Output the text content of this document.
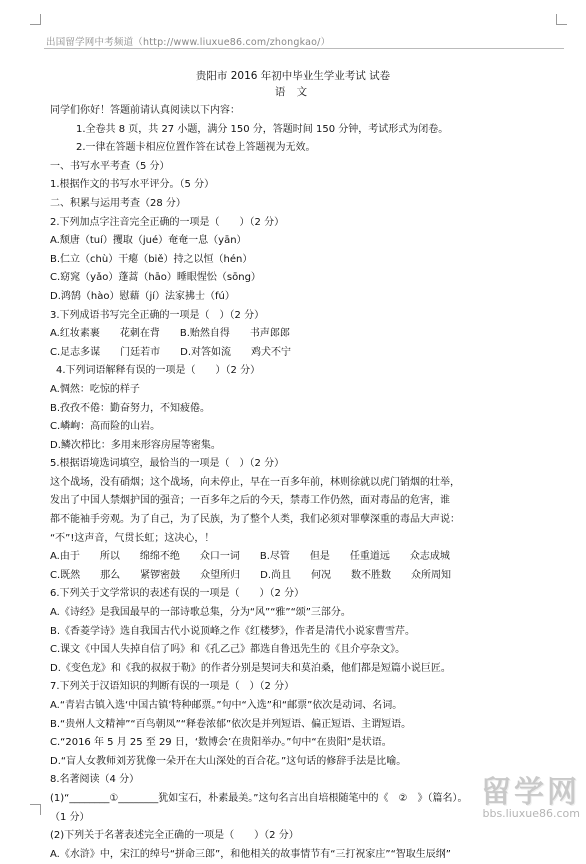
出国留学网中考频道（http://www.liuxue86.com/zhongkao/）
贵阳市 2016 年初中毕业生学业考试 试卷
语 文
同学们你好！答题前请认真阅读以下内容：
1.全卷共 8 页，共 27 小题，满分 150 分，答题时间 150 分钟，考试形式为闭卷。
2.一律在答题卡相应位置作答在试卷上答题视为无效。
一、书写水平考查（5 分）
1.根据作文的书写水平评分。（5 分）
二、积累与运用考查（28 分）
2.下列加点字注音完全正确的一项是（　　）（2 分）
A.颓唐（tuí）攫取（jué）奄奄一息（yān）
B.仁立（chù）干瘪（biě）持之以恒（hén）
C.窈窕（yǎo）蓬蒿（hāo）睡眼惺忪（sōng）
D.鸿鹄（hào）慰藉（jí）法家拂士（fú）
3.下列成语书写完全正确的一项是（　）（2 分）
A.红妆素裹　　花刺在背　　B.贻然自得　　书声郎郎
C.足志多谋　　门廷若市　　D.对答如流　　鸡犬不宁
4.下列词语解释有误的一项是（　　）（2 分）
A.惆然：吃惊的样子
B.孜孜不倦：勤奋努力，不知疲倦。
C.嶙峋：高而险的山岩。
D.鳞次栉比：多用来形容房屋等密集。
5.根据语境选词填空，最恰当的一项是（　）（2 分）
这个战场，没有硝烟；这个战场，向未停止，早在一百多年前，林则徐就以虎门销烟的壮举，
发出了中国人禁烟护国的强音；一百多年之后的今天，禁毒工作仍然，面对毒品的危害，谁
都不能袖手旁观。为了自己，为了民族，为了整个人类，我们必须对罪孽深重的毒品大声说：
“不”!这声音，气贯长虹；这决心，！
A.由于　　所以　　绵绵不绝　　众口一词　　B.尽管　　但是　　任重道远　　众志成城
C.既然　　那么　　紧锣密鼓　　众望所归　　D.尚且　　何况　　数不胜数　　众所周知
6.下列关于文学常识的表述有误的一项是（　　）（2 分）
A.《诗经》是我国最早的一部诗歌总集，分为“风”“雅”“颂”三部分。
B.《香菱学诗》选自我国古代小说顶峰之作《红楼梦》，作者是清代小说家曹雪芹。
C.课文《中国人失掉自信了吗》和《孔乙己》都选自鲁迅先生的《且介亭杂文》。
D.《变色龙》和《我的叔叔于勒》的作者分别是契诃夫和莫泊桑，他们都是短篇小说巨匠。
7.下列关于汉语知识的判断有误的一项是（　）（2 分）
A.“青岩古镇入选‘中国古镇’特种邮票。”句中“入选”和“邮票”依次是动词、名词。
B.“贵州人文精神”“百鸟朝凤”“释卷浓郁”依次是并列短语、偏正短语、主谓短语。
C.“2016 年 5 月 25 至 29 日，‘数博会’在贵阳举办。”句中“在贵阳”是状语。
D.“盲人女教师刘芳犹像一朵开在大山深处的百合花。”这句话的修辞手法是比喻。
8.名著阅读（4 分）
(1)“________①________犹如宝石，朴素最美。”这句名言出自培根随笔中的《　②　》（篇名）。
（1 分）
(2)下列关于名著表述完全正确的一项是（　　）（2 分）
A.《水浒》中，宋江的绰号“拼命三郎”，和他相关的故事情节有“三打祝家庄”“智取生辰纲”
留学网
bbs.liuxue86.com
